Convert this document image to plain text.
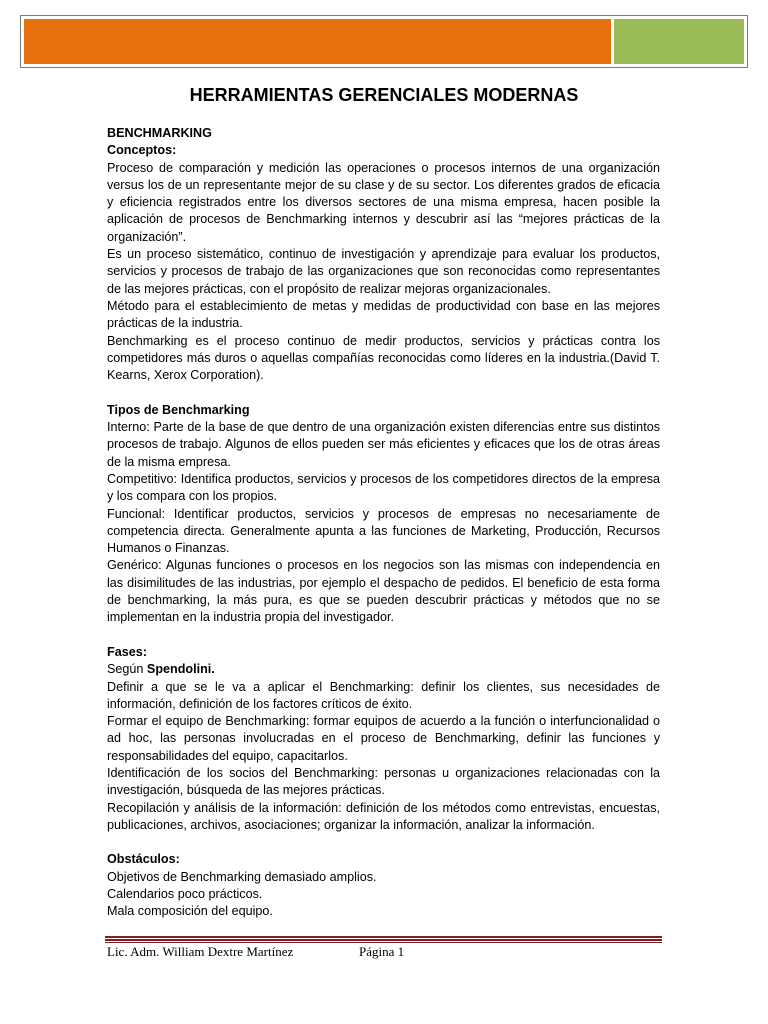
HERRAMIENTAS GERENCIALES MODERNAS

BENCHMARKING

Conceptos:

Proceso de comparación y medición las operaciones o procesos internos de una organización versus los de un representante mejor de su clase y de su sector. Los diferentes grados de eficacia y eficiencia registrados entre los diversos sectores de una misma empresa, hacen posible la aplicación de procesos de Benchmarking internos y descubrir así las “mejores prácticas de la organización”.

Es un proceso sistemático, continuo de investigación y aprendizaje para evaluar los productos, servicios y procesos de trabajo de las organizaciones que son reconocidas como representantes de las mejores prácticas, con el propósito de realizar mejoras organizacionales.

Método para el establecimiento de metas y medidas de productividad con base en las mejores prácticas de la industria.

Benchmarking es el proceso continuo de medir productos, servicios y prácticas contra los competidores más duros o aquellas compañías reconocidas como líderes en la industria.(David T. Kearns, Xerox Corporation).

Tipos de Benchmarking

Interno: Parte de la base de que dentro de una organización existen diferencias entre sus distintos procesos de trabajo. Algunos de ellos pueden ser más eficientes y eficaces que los de otras áreas de la misma empresa.

Competitivo: Identifica productos, servicios y procesos de los competidores directos de la empresa y los compara con los propios.

Funcional: Identificar productos, servicios y procesos de empresas no necesariamente de competencia directa. Generalmente apunta a las funciones de Marketing, Producción, Recursos Humanos o Finanzas.

Genérico: Algunas funciones o procesos en los negocios son las mismas con independencia en las disimilitudes de las industrias, por ejemplo el despacho de pedidos. El beneficio de esta forma de benchmarking, la más pura, es que se pueden descubrir prácticas y métodos que no se implementan en la industria propia del investigador.

Fases:

Según Spendolini.

Definir a que se le va a aplicar el Benchmarking: definir los clientes, sus necesidades de información, definición de los factores críticos de éxito.

Formar el equipo de Benchmarking: formar equipos de acuerdo a la función o interfuncionalidad o ad hoc, las personas involucradas en el proceso de Benchmarking, definir las funciones y responsabilidades del equipo, capacitarlos.

Identificación de los socios del Benchmarking: personas u organizaciones relacionadas con la investigación, búsqueda de las mejores prácticas.

Recopilación y análisis de la información: definición de los métodos como entrevistas, encuestas, publicaciones, archivos, asociaciones; organizar la información, analizar la información.

Obstáculos:

Objetivos de Benchmarking demasiado amplios.

Calendarios poco prácticos.

Mala composición del equipo.

Lic. Adm. William Dextre Martínez	Página 1
